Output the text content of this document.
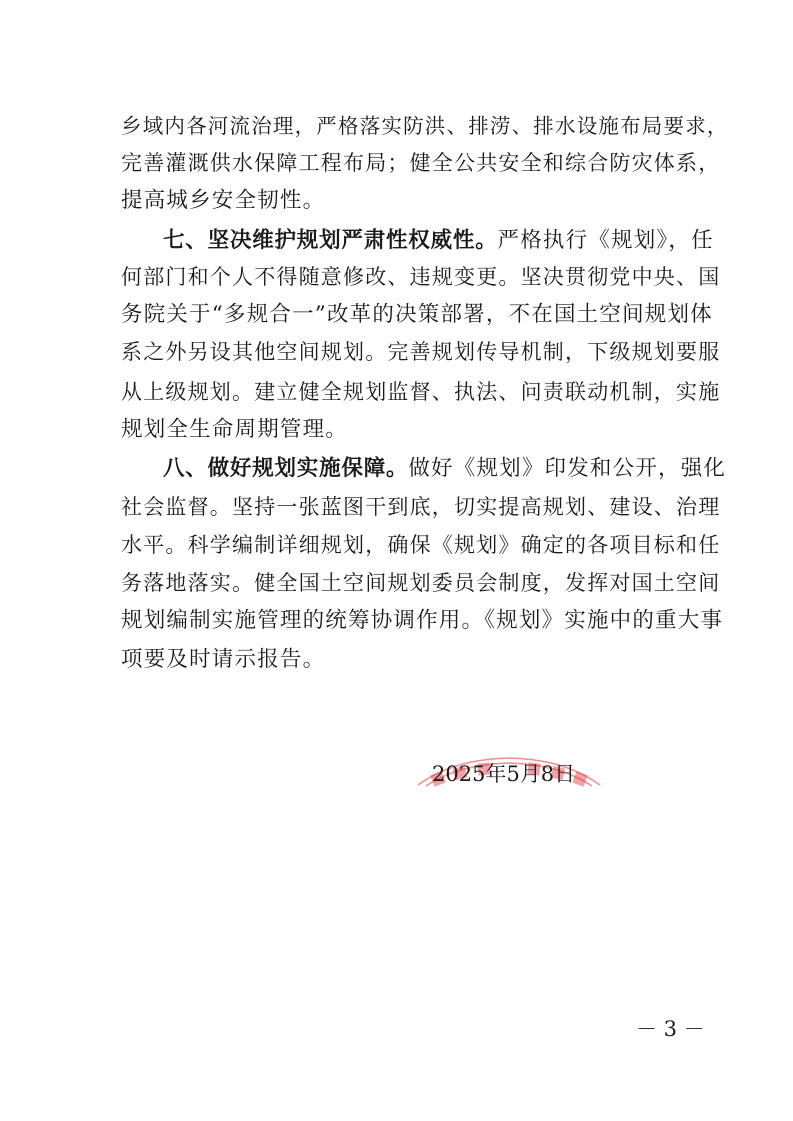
乡域内各河流治理，严格落实防洪、排涝、排水设施布局要求，
完善灌溉供水保障工程布局；健全公共安全和综合防灾体系，
提高城乡安全韧性。
七、坚决维护规划严肃性权威性。严格执行《规划》，任
何部门和个人不得随意修改、违规变更。坚决贯彻党中央、国
务院关于“多规合一”改革的决策部署，不在国土空间规划体
系之外另设其他空间规划。完善规划传导机制，下级规划要服
从上级规划。建立健全规划监督、执法、问责联动机制，实施
规划全生命周期管理。
八、做好规划实施保障。做好《规划》印发和公开，强化
社会监督。坚持一张蓝图干到底，切实提高规划、建设、治理
水平。科学编制详细规划，确保《规划》确定的各项目标和任
务落地落实。健全国土空间规划委员会制度，发挥对国土空间
规划编制实施管理的统筹协调作用。《规划》实施中的重大事
项要及时请示报告。
2025年5月8日
－ 3 －
